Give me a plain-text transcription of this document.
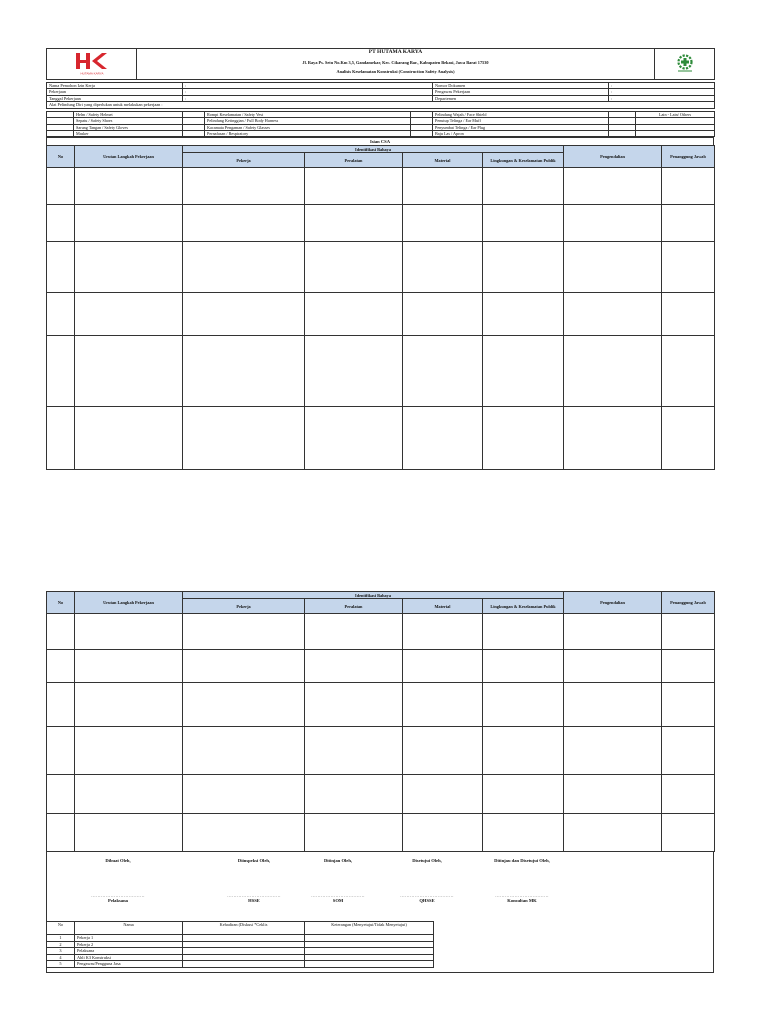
HUTAMA KARYA
	PT HUTAMA KARYA	
Jl. Raya Ps. Setu No.Km 3,5, Gandamekar, Kec. Cikarang Bar., Kabupaten Bekasi, Jawa Barat 17530
Analisis Keselamatan Konstruksi (Construction Safety Analysis)
Nama Pemohon Izin Kerja	:	Nomor Dokumen	:
Pekerjaan	:	Pengawas Pekerjaan	:
Tanggal Pekerjaan	:	Departemen	:
Alat Pelindung Diri yang diperlukan untuk melakukan pekerjaan :			
	Helm / Safety Helmet		Rompi Keselamatan / Safety Vest		Pelindung Wajah / Face Shield		Lain - Lain/ Others
	Sepatu / Safety Shoes		Pelindung Ketinggian / Full Body Harness		Penutup Telinga / Ear Muff		
	Sarung Tangan / Safety Gloves		Kacamata Pengaman / Safety Glasses		Penyumbat Telinga / Ear Plug		
	Masker		Pernafasan / Respiratory		Baju Las / Apron		
Isian CSA
No	Urutan Langkah Pekerjaan	Identifikasi Bahaya				Pengendalian	Penanggung Jawab
		Pekerja	Peralatan	Material	Lingkungan & Keselamatan Publik		

No	Urutan Langkah Pekerjaan	Identifikasi Bahaya				Pengendalian	Penanggung Jawab
		Pekerja	Peralatan	Material	Lingkungan & Keselamatan Publik		

Dibuat Oleh,
……………………………
Pelaksana
Diinspeksi Oleh,
……………………………
HSSE
Ditinjau Oleh,
……………………………
SOM
Disetujui Oleh,
……………………………
QHSSE
Ditinjau dan Disetujui Oleh,
……………………………
Konsultan MK
No	Nama	Kehadiran (Diskusi *Ceklis	Keterangan (Menyetujui/Tidak Menyetujui)
1	Pekerja 1		
2	Pekerja 2		
3	Pelaksana		
4	Ahli K3 Konstruksi		
5	Pengawas/Pengguna Jasa		
